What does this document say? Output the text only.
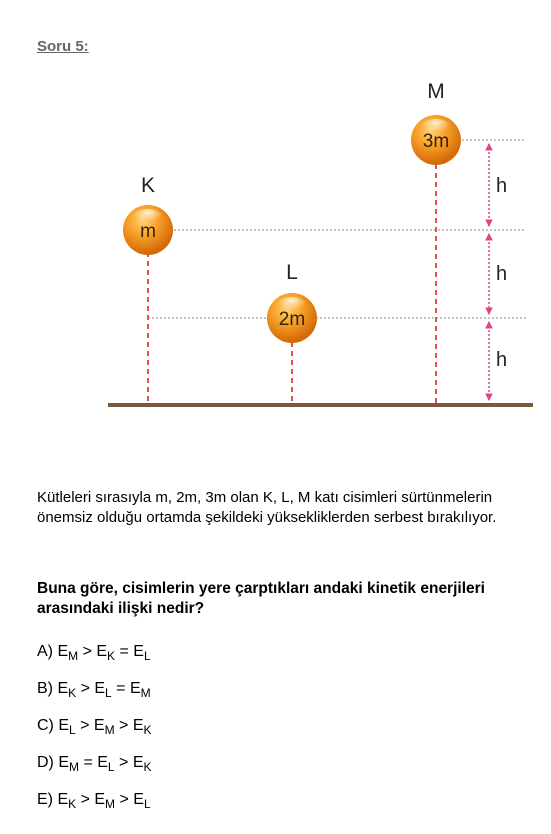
Soru 5:
h
h
h
K
m
L
2m
M
3m
Kütleleri sırasıyla m, 2m, 3m olan K, L, M katı cisimleri sürtünmelerin önemsiz olduğu ortamda şekildeki yüksekliklerden serbest bırakılıyor.
Buna göre, cisimlerin yere çarptıkları andaki kinetik enerjileri arasındaki ilişki nedir?
A) $E_M > E_K = E_L$
B) $E_K > E_L = E_M$
C) $E_L > E_M > E_K$
D) $E_M = E_L > E_K$
E) $E_K > E_M > E_L$
